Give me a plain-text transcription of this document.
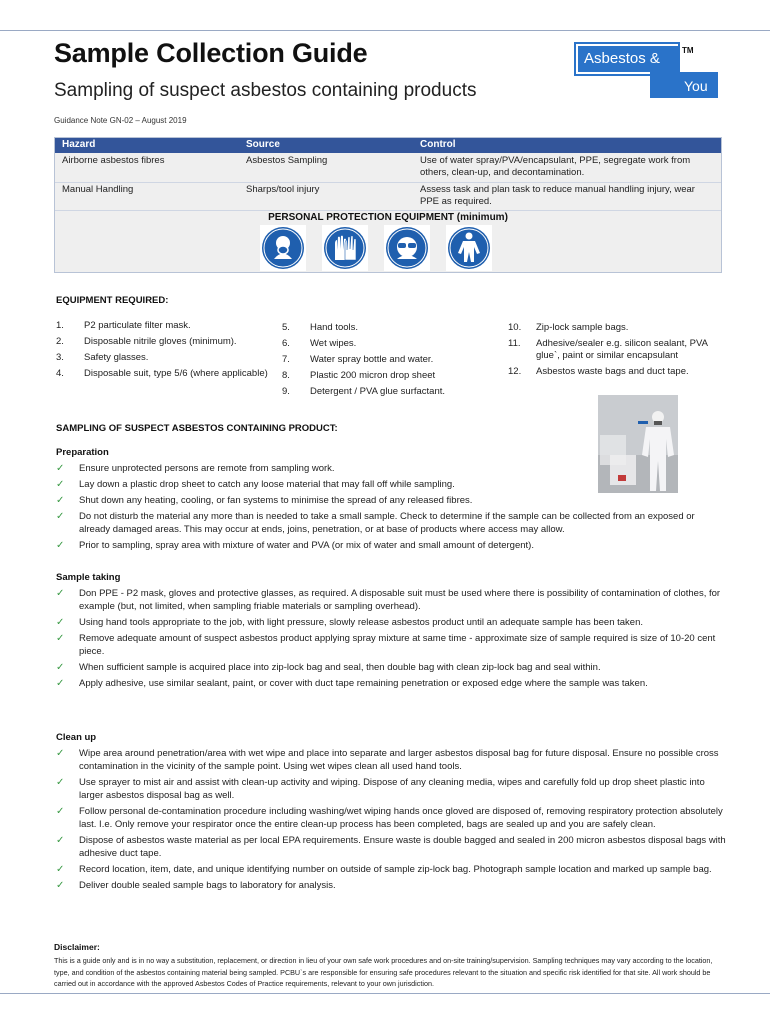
Sample Collection Guide
Sampling of suspect asbestos containing products
Guidance Note GN-02 – August 2019
Asbestos &
You
TM
Hazard	Source	Control
Airborne asbestos fibres	Asbestos Sampling	Use of water spray/PVA/encapsulant, PPE, segregate work from others, clean-up, and decontamination.
Manual Handling	Sharps/tool injury	Assess task and plan task to reduce manual handling injury, wear PPE as required.
PERSONAL PROTECTION EQUIPMENT (minimum)
EQUIPMENT REQUIRED:
1.	P2 particulate filter mask.
2.	Disposable nitrile gloves (minimum).
3.	Safety glasses.
4.	Disposable suit, type 5/6 (where applicable)
5.	Hand tools.
6.	Wet wipes.
7.	Water spray bottle and water.
8.	Plastic 200 micron drop sheet
9.	Detergent / PVA glue surfactant.
10.	Zip-lock sample bags.
11.	Adhesive/sealer e.g. silicon sealant, PVA glue`, paint or similar encapsulant
12.	Asbestos waste bags and duct tape.
SAMPLING OF SUSPECT ASBESTOS CONTAINING PRODUCT:
Preparation
✓ Ensure unprotected persons are remote from sampling work.
✓ Lay down a plastic drop sheet to catch any loose material that may fall off while sampling.
✓ Shut down any heating, cooling, or fan systems to minimise the spread of any released fibres.
✓ Do not disturb the material any more than is needed to take a small sample. Check to determine if the sample can be collected from an exposed or already damaged areas. This may occur at ends, joins, penetration, or at base of products where access may allow.
✓ Prior to sampling, spray area with mixture of water and PVA (or mix of water and small amount of detergent).
Sample taking
✓ Don PPE - P2 mask, gloves and protective glasses, as required. A disposable suit must be used where there is possibility of contamination of clothes, for example (but, not limited, when sampling friable materials or sampling overhead).
✓ Using hand tools appropriate to the job, with light pressure, slowly release asbestos product until an adequate sample has been taken.
✓ Remove adequate amount of suspect asbestos product applying spray mixture at same time - approximate size of sample required is size of 10-20 cent piece.
✓ When sufficient sample is acquired place into zip-lock bag and seal, then double bag with clean zip-lock bag and seal within.
✓ Apply adhesive, use similar sealant, paint, or cover with duct tape remaining penetration or exposed edge where the sample was taken.
Clean up
✓ Wipe area around penetration/area with wet wipe and place into separate and larger asbestos disposal bag for future disposal. Ensure no possible cross contamination in the vicinity of the sample point. Using wet wipes clean all used hand tools.
✓ Use sprayer to mist air and assist with clean-up activity and wiping. Dispose of any cleaning media, wipes and carefully fold up drop sheet plastic into larger asbestos disposal bag as well.
✓ Follow personal de-contamination procedure including washing/wet wiping hands once gloved are disposed of, removing respiratory protection absolutely last. I.e. Only remove your respirator once the entire clean-up process has been completed, bags are sealed up and you are safely clean.
✓ Dispose of asbestos waste material as per local EPA requirements. Ensure waste is double bagged and sealed in 200 micron asbestos disposal bags with adhesive duct tape.
✓ Record location, item, date, and unique identifying number on outside of sample zip-lock bag. Photograph sample location and marked up sample bag.
✓ Deliver double sealed sample bags to laboratory for analysis.
Disclaimer:
This is a guide only and is in no way a substitution, replacement, or direction in lieu of your own safe work procedures and on-site training/supervision. Sampling techniques may vary according to the location, type, and condition of the asbestos containing material being sampled. PCBU`s are responsible for ensuring safe procedures relevant to the situation and specific risk identified for that site. All work should be carried out in accordance with the approved Asbestos Codes of Practice requirements, relevant to your own jurisdiction.
